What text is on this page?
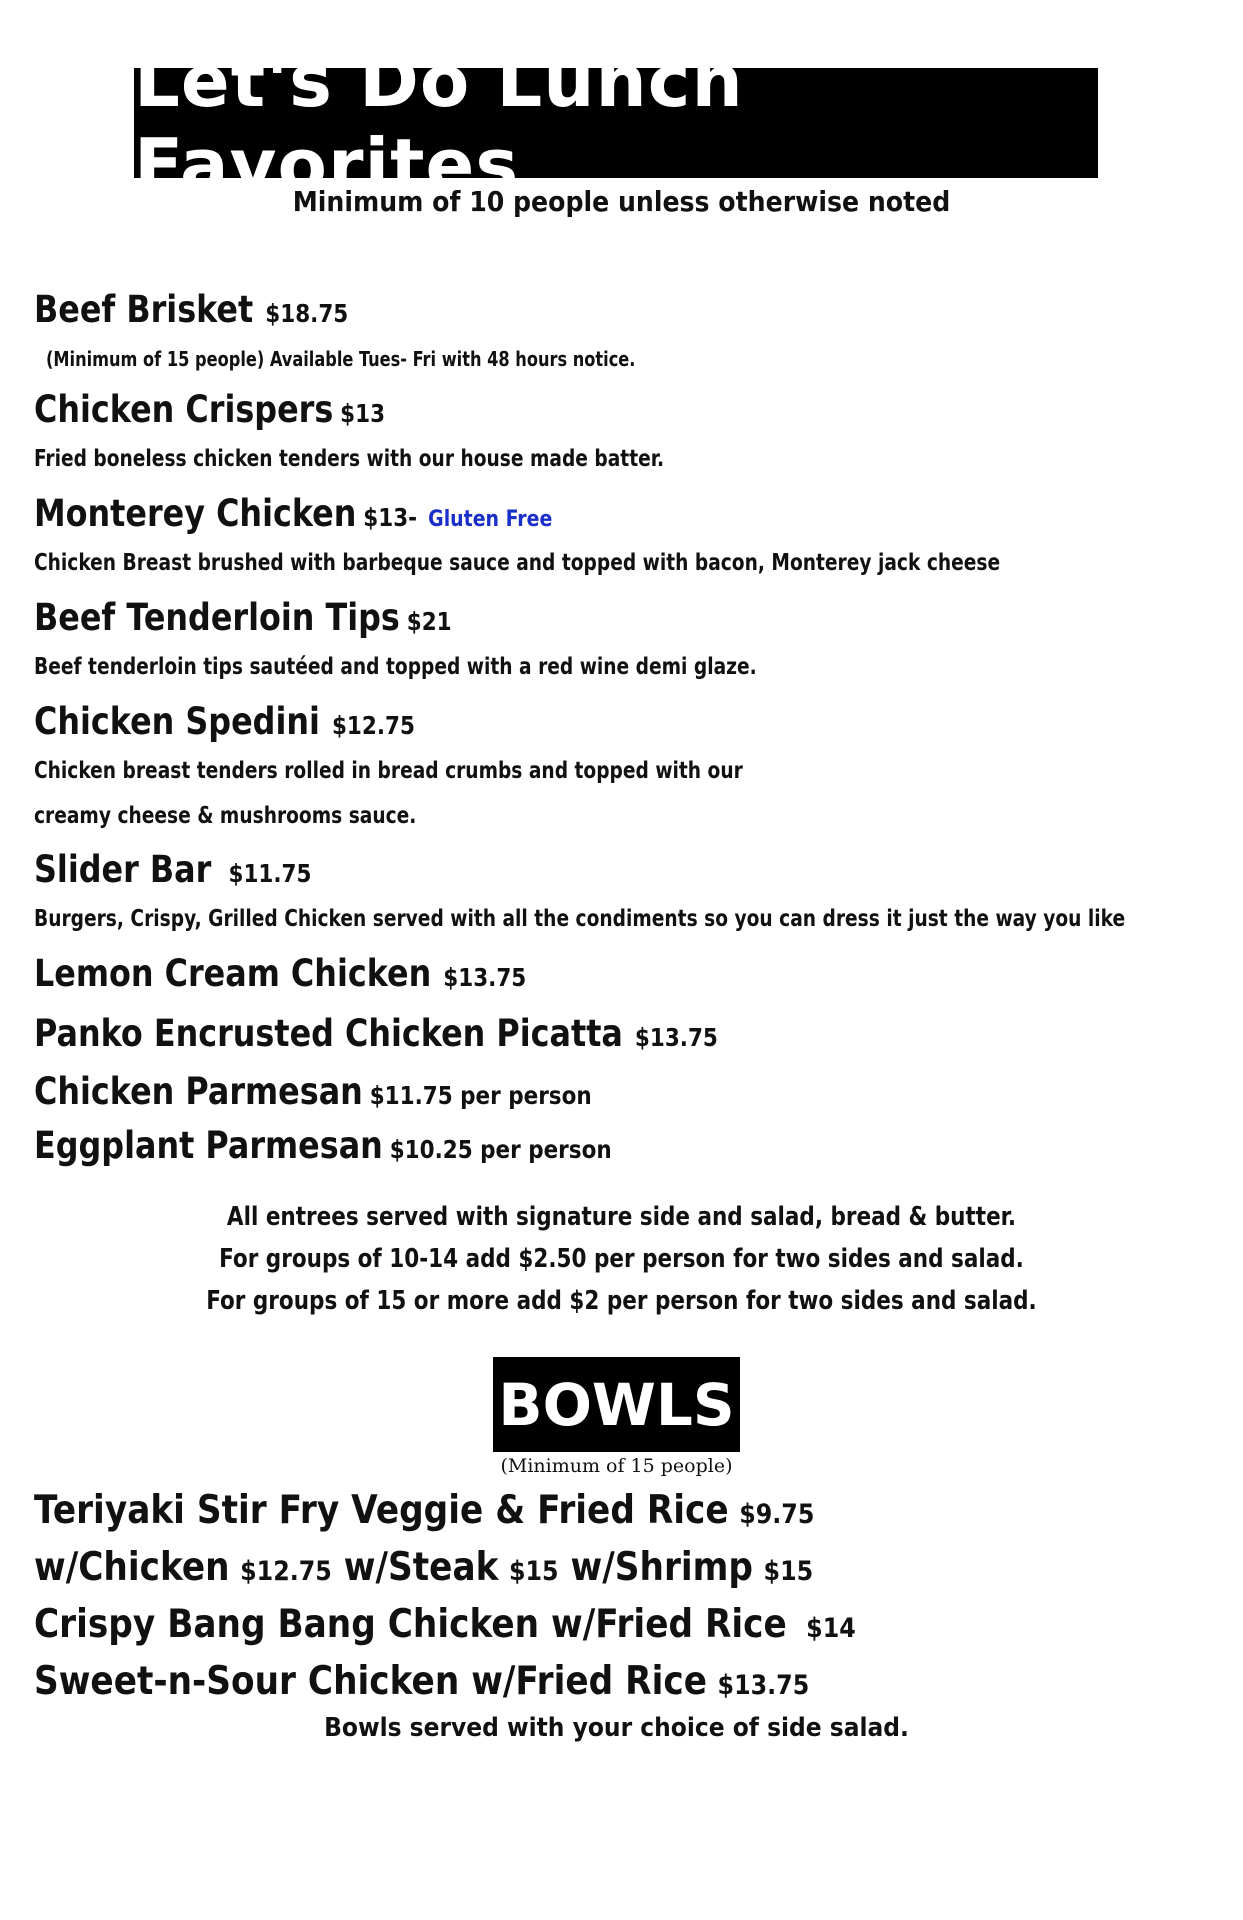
Let's Do Lunch Favorites
Minimum of 10 people unless otherwise noted
Beef Brisket $18.75
(Minimum of 15 people) Available Tues- Fri with 48 hours notice.
Chicken Crispers $13
Fried boneless chicken tenders with our house made batter.
Monterey Chicken $13- Gluten Free
Chicken Breast brushed with barbeque sauce and topped with bacon, Monterey jack cheese
Beef Tenderloin Tips $21
Beef tenderloin tips sautéed and topped with a red wine demi glaze.
Chicken Spedini $12.75
Chicken breast tenders rolled in bread crumbs and topped with our
creamy cheese & mushrooms sauce.
Slider Bar $11.75
Burgers, Crispy, Grilled Chicken served with all the condiments so you can dress it just the way you like
Lemon Cream Chicken $13.75
Panko Encrusted Chicken Picatta $13.75
Chicken Parmesan $11.75 per person
Eggplant Parmesan $10.25 per person
All entrees served with signature side and salad, bread & butter.
For groups of 10-14 add $2.50 per person for two sides and salad.
For groups of 15 or more add $2 per person for two sides and salad.
BOWLS
(Minimum of 15 people)
Teriyaki Stir Fry Veggie & Fried Rice $9.75
w/Chicken $12.75 w/Steak $15 w/Shrimp $15
Crispy Bang Bang Chicken w/Fried Rice $14
Sweet-n-Sour Chicken w/Fried Rice $13.75
Bowls served with your choice of side salad.
